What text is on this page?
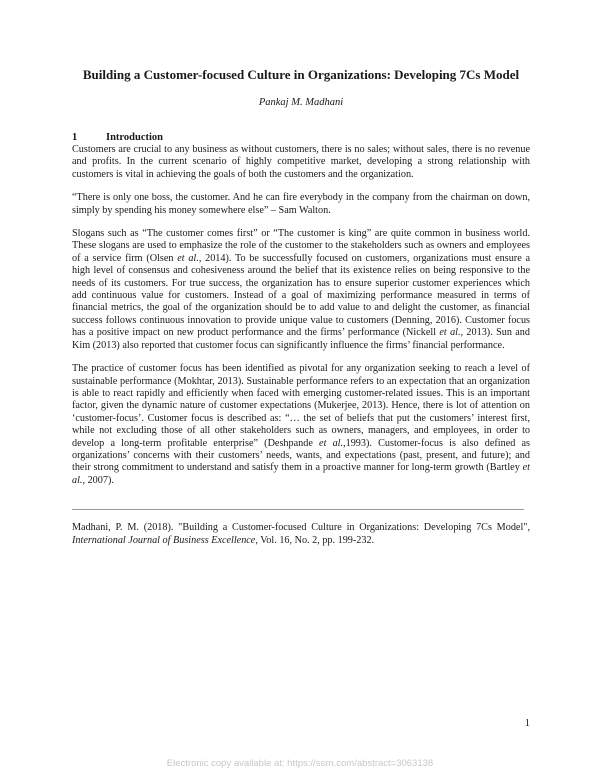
Building a Customer-focused Culture in Organizations: Developing 7Cs Model
Pankaj M. Madhani
1	Introduction

Customers are crucial to any business as without customers, there is no sales; without sales, there is no revenue and profits. In the current scenario of highly competitive market, developing a strong relationship with customers is vital in achieving the goals of both the customers and the organization.

“There is only one boss, the customer. And he can fire everybody in the company from the chairman on down, simply by spending his money somewhere else” – Sam Walton.

Slogans such as “The customer comes first” or “The customer is king” are quite common in business world. These slogans are used to emphasize the role of the customer to the stakeholders such as owners and employees of a service firm (Olsen et al., 2014). To be successfully focused on customers, organizations must ensure a high level of consensus and cohesiveness around the belief that its existence relies on being responsive to the needs of its customers. For true success, the organization has to ensure superior customer experiences which add continuous value for customers. Instead of a goal of maximizing performance measured in terms of financial metrics, the goal of the organization should be to add value to and delight the customer, as financial success follows continuous innovation to provide unique value to customers (Denning, 2016). Customer focus has a positive impact on new product performance and the firms’ performance (Nickell et al., 2013). Sun and Kim (2013) also reported that customer focus can significantly influence the firms’ financial performance.

The practice of customer focus has been identified as pivotal for any organization seeking to reach a level of sustainable performance (Mokhtar, 2013). Sustainable performance refers to an expectation that an organization is able to react rapidly and efficiently when faced with emerging customer-related issues. This is an important factor, given the dynamic nature of customer expectations (Mukerjee, 2013). Hence, there is lot of attention on ‘customer-focus’. Customer focus is described as: “… the set of beliefs that put the customers’ interest first, while not excluding those of all other stakeholders such as owners, managers, and employees, in order to develop a long-term profitable enterprise” (Deshpande et al.,1993). Customer-focus is also defined as organizations’ concerns with their customers’ needs, wants, and expectations (past, present, and future); and their strong commitment to understand and satisfy them in a proactive manner for long-term growth (Bartley et al., 2007).

Madhani, P. M. (2018). "Building a Customer-focused Culture in Organizations: Developing 7Cs Model", International Journal of Business Excellence, Vol. 16, No. 2, pp. 199-232.

1
Electronic copy available at: https://ssrn.com/abstract=3063138
